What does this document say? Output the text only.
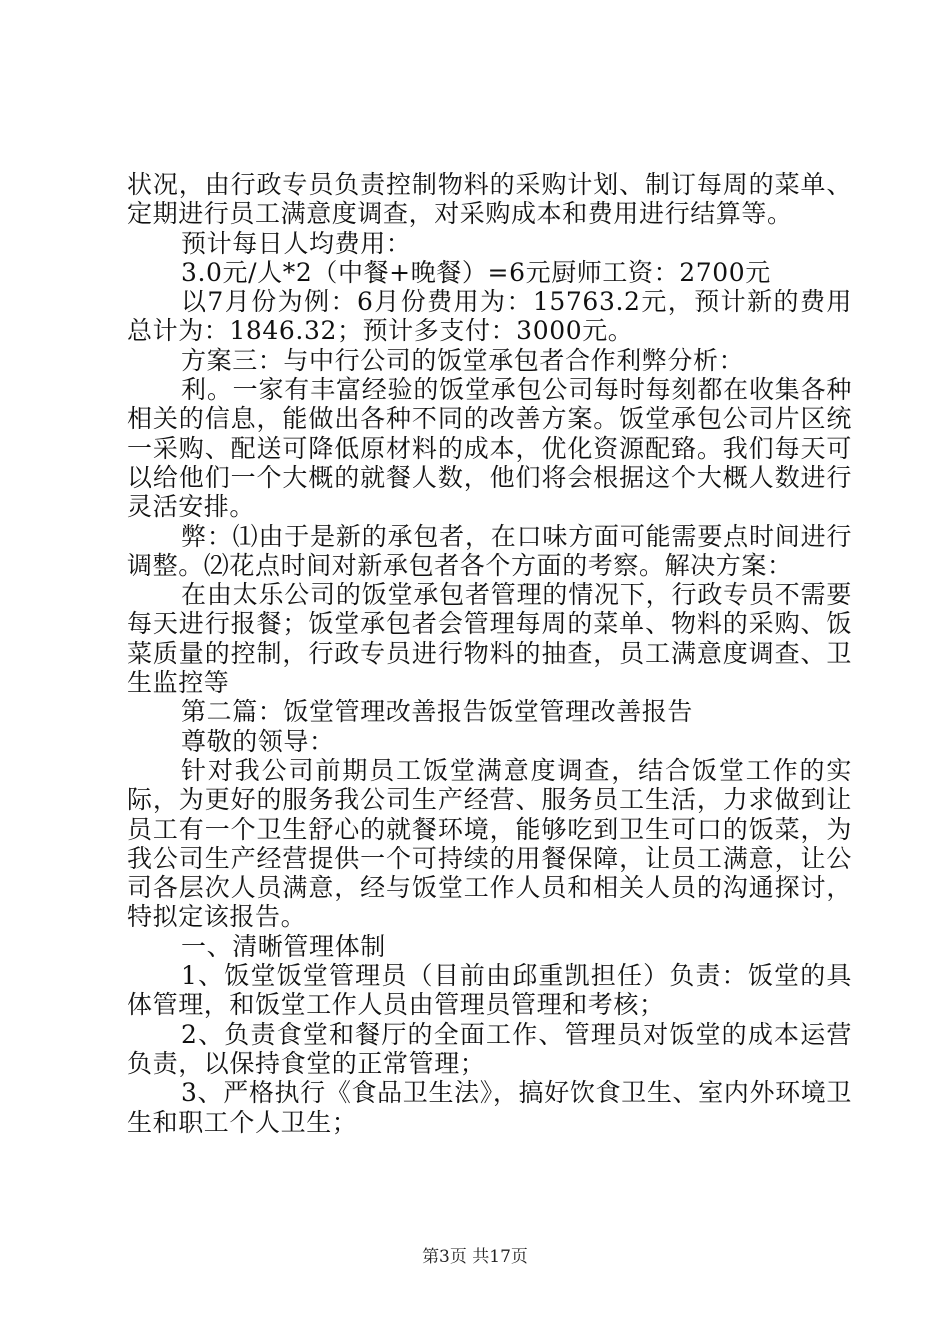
状况，由行政专员负责控制物料的采购计划、制订每周的菜单、定期进行员工满意度调查，对采购成本和费用进行结算等。

预计每日人均费用：

3.0元/人*2（中餐+晚餐）=6元厨师工资：2700元

以7月份为例：6月份费用为：15763.2元，预计新的费用总计为：1846.32；预计多支付：3000元。

方案三：与中行公司的饭堂承包者合作利弊分析：

利。一家有丰富经验的饭堂承包公司每时每刻都在收集各种相关的信息，能做出各种不同的改善方案。饭堂承包公司片区统一采购、配送可降低原材料的成本，优化资源配臵。我们每天可以给他们一个大概的就餐人数，他们将会根据这个大概人数进行灵活安排。

弊：⑴由于是新的承包者，在口味方面可能需要点时间进行调整。⑵花点时间对新承包者各个方面的考察。解决方案：

在由太乐公司的饭堂承包者管理的情况下，行政专员不需要每天进行报餐；饭堂承包者会管理每周的菜单、物料的采购、饭菜质量的控制，行政专员进行物料的抽查，员工满意度调查、卫生监控等

第二篇：饭堂管理改善报告饭堂管理改善报告

尊敬的领导：

针对我公司前期员工饭堂满意度调查，结合饭堂工作的实际，为更好的服务我公司生产经营、服务员工生活，力求做到让员工有一个卫生舒心的就餐环境，能够吃到卫生可口的饭菜，为我公司生产经营提供一个可持续的用餐保障，让员工满意，让公司各层次人员满意，经与饭堂工作人员和相关人员的沟通探讨，特拟定该报告。

一、清晰管理体制

1、饭堂饭堂管理员（目前由邱重凯担任）负责：饭堂的具体管理，和饭堂工作人员由管理员管理和考核；

2、负责食堂和餐厅的全面工作、管理员对饭堂的成本运营负责，以保持食堂的正常管理；

3、严格执行《食品卫生法》，搞好饮食卫生、室内外环境卫生和职工个人卫生；

第3页 共17页
